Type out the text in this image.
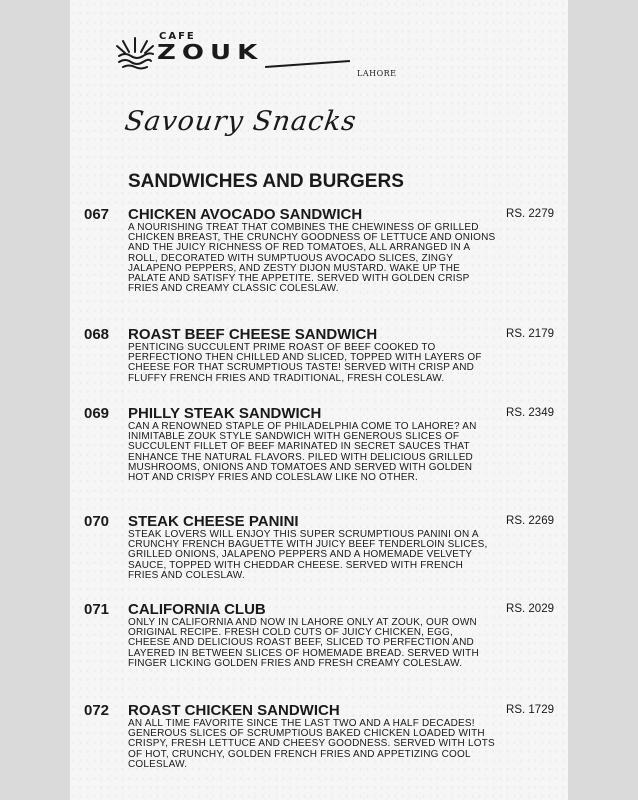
CAFE
ZOUK
LAHORE
Savoury Snacks
SANDWICHES AND BURGERS
067 CHICKEN AVOCADO SANDWICH	RS. 2279
A NOURISHING TREAT THAT COMBINES THE CHEWINESS OF GRILLED CHICKEN BREAST, THE CRUNCHY GOODNESS OF LETTUCE AND ONIONS AND THE JUICY RICHNESS OF RED TOMATOES, ALL ARRANGED IN A ROLL, DECORATED WITH SUMPTUOUS AVOCADO SLICES, ZINGY JALAPENO PEPPERS, AND ZESTY DIJON MUSTARD. WAKE UP THE PALATE AND SATISFY THE APPETITE. SERVED WITH GOLDEN CRISP FRIES AND CREAMY CLASSIC COLESLAW.
068 ROAST BEEF CHEESE SANDWICH	RS. 2179
PENTICING SUCCULENT PRIME ROAST OF BEEF COOKED TO PERFECTIONO THEN CHILLED AND SLICED, TOPPED WITH LAYERS OF CHEESE FOR THAT SCRUMPTIOUS TASTE! SERVED WITH CRISP AND FLUFFY FRENCH FRIES AND TRADITIONAL, FRESH COLESLAW.
069 PHILLY STEAK SANDWICH	RS. 2349
CAN A RENOWNED STAPLE OF PHILADELPHIA COME TO LAHORE? AN INIMITABLE ZOUK STYLE SANDWICH WITH GENEROUS SLICES OF SUCCULENT FILLET OF BEEF MARINATED IN SECRET SAUCES THAT ENHANCE THE NATURAL FLAVORS. PILED WITH DELICIOUS GRILLED MUSHROOMS, ONIONS AND TOMATOES AND SERVED WITH GOLDEN HOT AND CRISPY FRIES AND COLESLAW LIKE NO OTHER.
070 STEAK CHEESE PANINI	RS. 2269
STEAK LOVERS WILL ENJOY THIS SUPER SCRUMPTIOUS PANINI ON A CRUNCHY FRENCH BAGUETTE WITH JUICY BEEF TENDERLOIN SLICES, GRILLED ONIONS, JALAPENO PEPPERS AND A HOMEMADE VELVETY SAUCE, TOPPED WITH CHEDDAR CHEESE. SERVED WITH FRENCH FRIES AND COLESLAW.
071 CALIFORNIA CLUB	RS. 2029
ONLY IN CALIFORNIA AND NOW IN LAHORE ONLY AT ZOUK, OUR OWN ORIGINAL RECIPE. FRESH COLD CUTS OF JUICY CHICKEN, EGG, CHEESE AND DELICIOUS ROAST BEEF, SLICED TO PERFECTION AND LAYERED IN BETWEEN SLICES OF HOMEMADE BREAD. SERVED WITH FINGER LICKING GOLDEN FRIES AND FRESH CREAMY COLESLAW.
072 ROAST CHICKEN SANDWICH	RS. 1729
AN ALL TIME FAVORITE SINCE THE LAST TWO AND A HALF DECADES! GENEROUS SLICES OF SCRUMPTIOUS BAKED CHICKEN LOADED WITH CRISPY, FRESH LETTUCE AND CHEESY GOODNESS. SERVED WITH LOTS OF HOT, CRUNCHY, GOLDEN FRENCH FRIES AND APPETIZING COOL COLESLAW.
